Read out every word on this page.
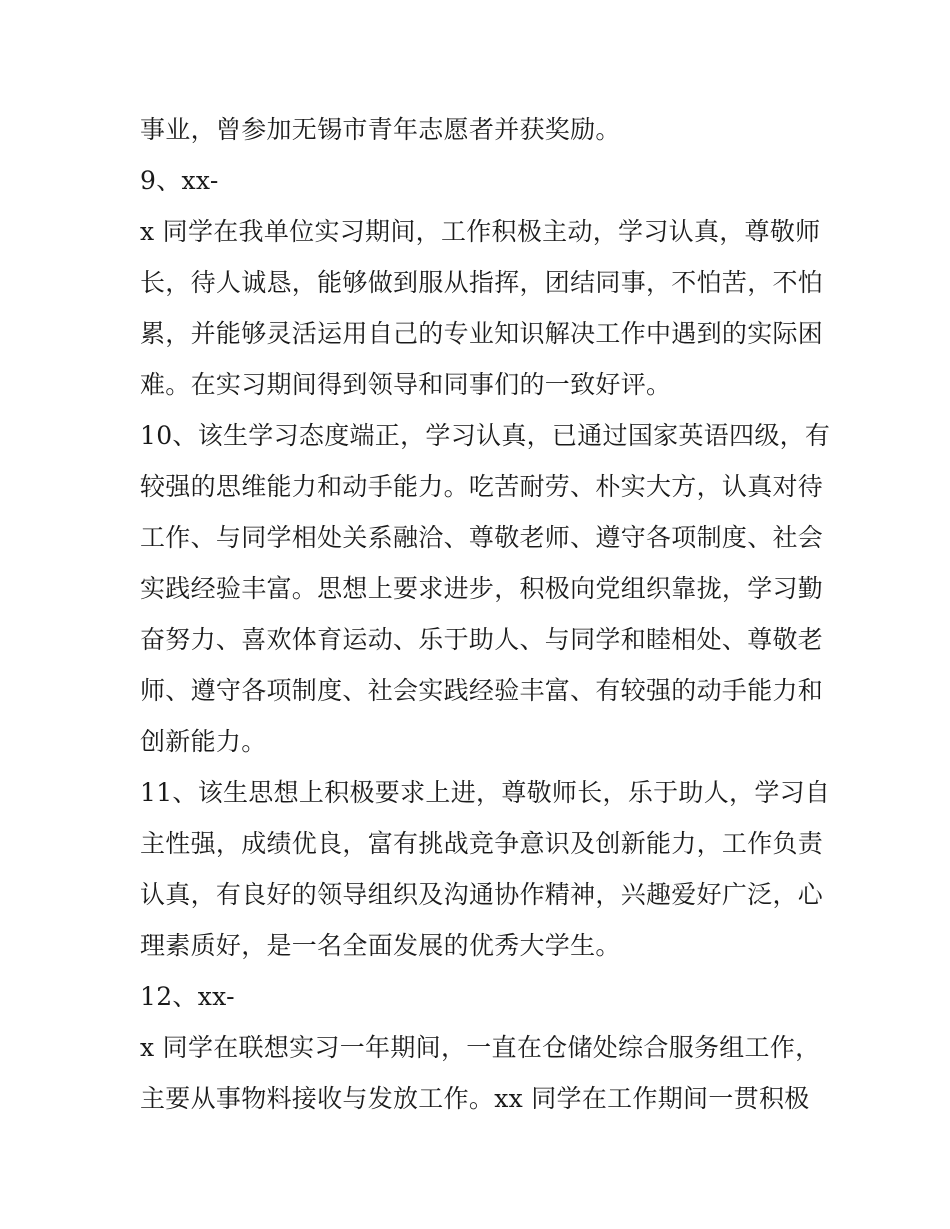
事业，曾参加无锡市青年志愿者并获奖励。
9、xx-
x 同学在我单位实习期间，工作积极主动，学习认真，尊敬师
长，待人诚恳，能够做到服从指挥，团结同事，不怕苦，不怕
累，并能够灵活运用自己的专业知识解决工作中遇到的实际困
难。在实习期间得到领导和同事们的一致好评。
10、该生学习态度端正，学习认真，已通过国家英语四级，有
较强的思维能力和动手能力。吃苦耐劳、朴实大方，认真对待
工作、与同学相处关系融洽、尊敬老师、遵守各项制度、社会
实践经验丰富。思想上要求进步，积极向党组织靠拢，学习勤
奋努力、喜欢体育运动、乐于助人、与同学和睦相处、尊敬老
师、遵守各项制度、社会实践经验丰富、有较强的动手能力和
创新能力。
11、该生思想上积极要求上进，尊敬师长，乐于助人，学习自
主性强，成绩优良，富有挑战竞争意识及创新能力，工作负责
认真，有良好的领导组织及沟通协作精神，兴趣爱好广泛，心
理素质好，是一名全面发展的优秀大学生。
12、xx-
x 同学在联想实习一年期间，一直在仓储处综合服务组工作，
主要从事物料接收与发放工作。xx 同学在工作期间一贯积极
